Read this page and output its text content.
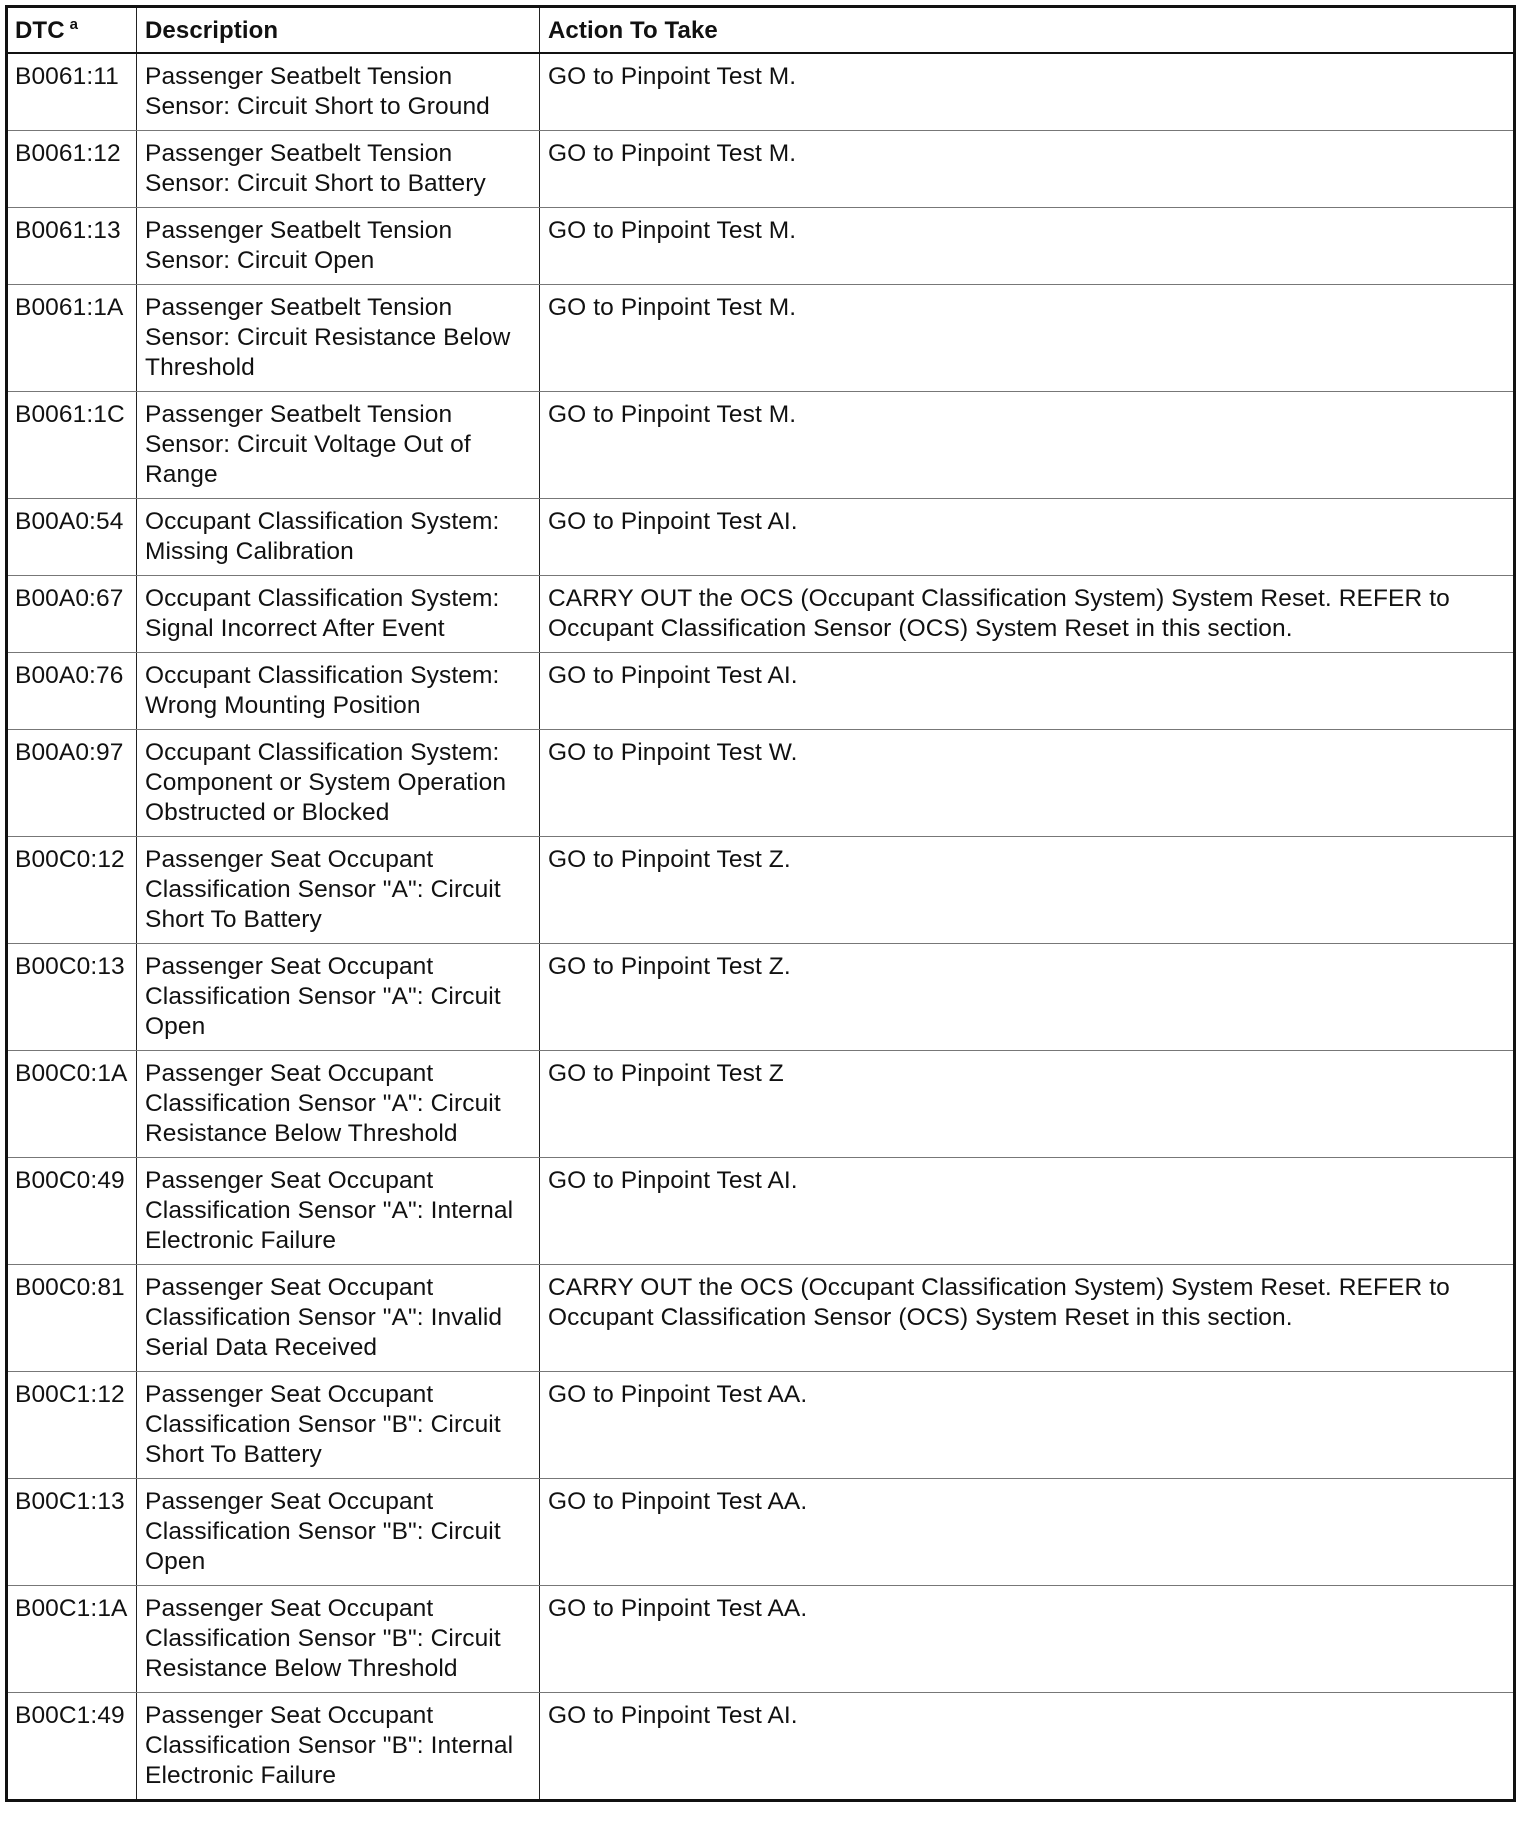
DTC $^a$	Description	Action To Take
B0061:11	Passenger Seatbelt Tension Sensor: Circuit Short to Ground	GO to Pinpoint Test M.
B0061:12	Passenger Seatbelt Tension Sensor: Circuit Short to Battery	GO to Pinpoint Test M.
B0061:13	Passenger Seatbelt Tension Sensor: Circuit Open	GO to Pinpoint Test M.
B0061:1A	Passenger Seatbelt Tension Sensor: Circuit Resistance Below Threshold	GO to Pinpoint Test M.
B0061:1C	Passenger Seatbelt Tension Sensor: Circuit Voltage Out of Range	GO to Pinpoint Test M.
B00A0:54	Occupant Classification System: Missing Calibration	GO to Pinpoint Test AI.
B00A0:67	Occupant Classification System: Signal Incorrect After Event	CARRY OUT the OCS (Occupant Classification System) System Reset. REFER to Occupant Classification Sensor (OCS) System Reset in this section.
B00A0:76	Occupant Classification System: Wrong Mounting Position	GO to Pinpoint Test AI.
B00A0:97	Occupant Classification System: Component or System Operation Obstructed or Blocked	GO to Pinpoint Test W.
B00C0:12	Passenger Seat Occupant Classification Sensor "A": Circuit Short To Battery	GO to Pinpoint Test Z.
B00C0:13	Passenger Seat Occupant Classification Sensor "A": Circuit Open	GO to Pinpoint Test Z.
B00C0:1A	Passenger Seat Occupant Classification Sensor "A": Circuit Resistance Below Threshold	GO to Pinpoint Test Z
B00C0:49	Passenger Seat Occupant Classification Sensor "A": Internal Electronic Failure	GO to Pinpoint Test AI.
B00C0:81	Passenger Seat Occupant Classification Sensor "A": Invalid Serial Data Received	CARRY OUT the OCS (Occupant Classification System) System Reset. REFER to Occupant Classification Sensor (OCS) System Reset in this section.
B00C1:12	Passenger Seat Occupant Classification Sensor "B": Circuit Short To Battery	GO to Pinpoint Test AA.
B00C1:13	Passenger Seat Occupant Classification Sensor "B": Circuit Open	GO to Pinpoint Test AA.
B00C1:1A	Passenger Seat Occupant Classification Sensor "B": Circuit Resistance Below Threshold	GO to Pinpoint Test AA.
B00C1:49	Passenger Seat Occupant Classification Sensor "B": Internal Electronic Failure	GO to Pinpoint Test AI.
